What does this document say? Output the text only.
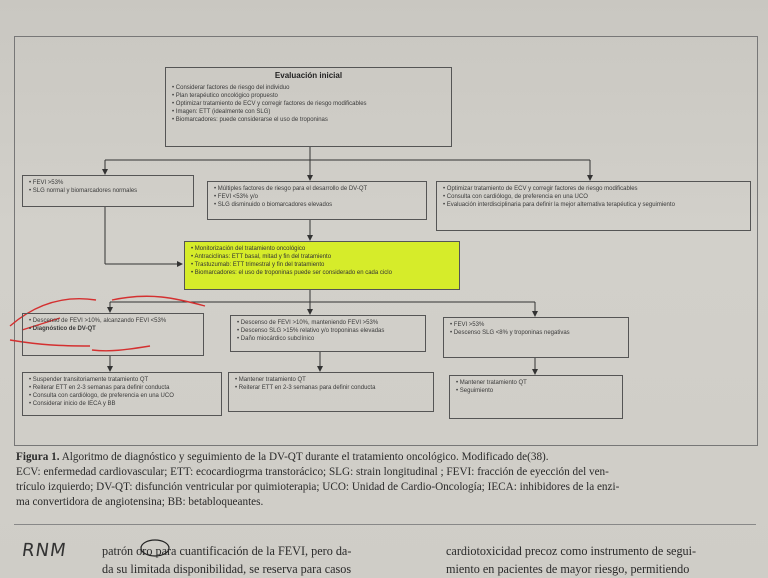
Evaluación inicial
• Considerar factores de riesgo del individuo
• Plan terapéutico oncológico propuesto
• Optimizar tratamiento de ECV y corregir factores de riesgo modificables
• Imagen: ETT (idealmente con SLG)
• Biomarcadores: puede considerarse el uso de troponinas
• FEVI >53%
• SLG normal y biomarcadores normales	• Múltiples factores de riesgo para el desarrollo de DV-QT
• FEVI <53% y/o
• SLG disminuido o biomarcadores elevados
• Optimizar tratamiento de ECV y corregir factores de riesgo modificables
• Consulta con cardiólogo, de preferencia en una UCO
• Evaluación interdisciplinaria para definir la mejor alternativa terapéutica y seguimiento
• Monitorización del tratamiento oncológico
• Antraciclinas: ETT basal, mitad y fin del tratamiento
• Trastuzumab: ETT trimestral y fin del tratamiento
• Biomarcadores: el uso de troponinas puede ser considerado en cada ciclo
• Descenso de FEVI >10%, alcanzando FEVI <53%
• Diagnóstico de DV-QT
• Descenso de FEVI >10%, manteniendo FEVI >53%
• Descenso SLG >15% relativo y/o troponinas elevadas
• Daño miocárdico subclínico
• FEVI >53%
• Descenso SLG <8% y troponinas negativas
• Suspender transitoriamente tratamiento QT
• Reiterar ETT en 2-3 semanas para definir conducta
• Consulta con cardiólogo, de preferencia en una UCO
• Considerar inicio de IECA y BB
• Mantener tratamiento QT
• Reiterar ETT en 2-3 semanas para definir conducta
• Mantener tratamiento QT
• Seguimiento
Figura 1. Algoritmo de diagnóstico y seguimiento de la DV-QT durante el tratamiento oncológico. Modificado de(38).
ECV: enfermedad cardiovascular; ETT: ecocardiogrma transtorácico; SLG: strain longitudinal ; FEVI: fracción de eyección del ven-
trículo izquierdo; DV-QT: disfunción ventricular por quimioterapia; UCO: Unidad de Cardio-Oncología; IECA: inhibidores de la enzi-
ma convertidora de angiotensina; BB: betabloqueantes.
RNM	patrón oro para cuantificación de la FEVI, pero da-
da su limitada disponibilidad, se reserva para casos
cardiotoxicidad precoz como instrumento de segui-
miento en pacientes de mayor riesgo, permitiendo
